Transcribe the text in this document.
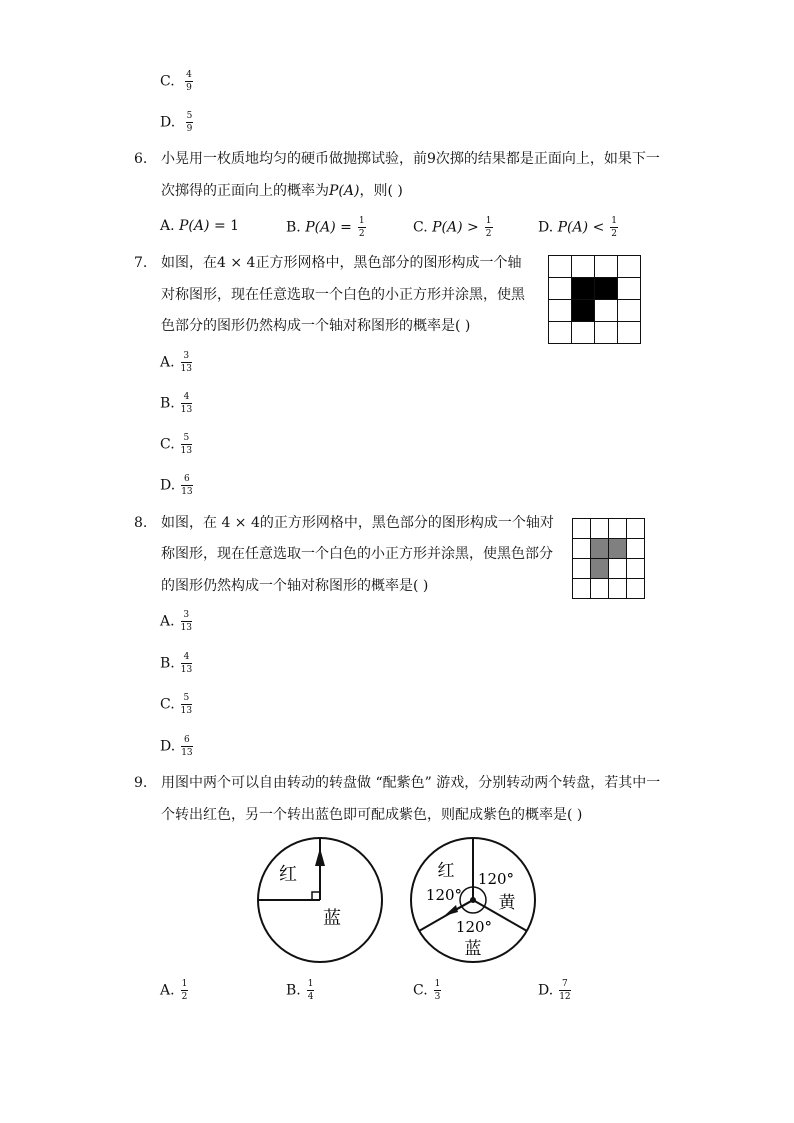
C. $\frac{4}{9}$
D. $\frac{5}{9}$
6. 小晃用一枚质地均匀的硬币做抛掷试验，前9次掷的结果都是正面向上，如果下一
次掷得的正面向上的概率为P(A)，则( )
A. P(A) = 1	B. $P(A) = \frac{1}{2}$	C. $P(A) > \frac{1}{2}$	D. $P(A) < \frac{1}{2}$
7. 如图，在4 × 4正方形网格中，黑色部分的图形构成一个轴
对称图形，现在任意选取一个白色的小正方形并涂黑，使黑
色部分的图形仍然构成一个轴对称图形的概率是( )

A. $\frac{3}{13}$
B. $\frac{4}{13}$
C. $\frac{5}{13}$
D. $\frac{6}{13}$
8. 如图，在 4 × 4的正方形网格中，黑色部分的图形构成一个轴对
称图形，现在任意选取一个白色的小正方形并涂黑，使黑色部分
的图形仍然构成一个轴对称图形的概率是( )

A. $\frac{3}{13}$
B. $\frac{4}{13}$
C. $\frac{5}{13}$
D. $\frac{6}{13}$
9. 用图中两个可以自由转动的转盘做 “配紫色” 游戏，分别转动两个转盘，若其中一
个转出红色，另一个转出蓝色即可配成紫色，则配成紫色的概率是( )
红
蓝
红
120°
120°
黄
120°
蓝
A. $\frac{1}{2}$	B. $\frac{1}{4}$	C. $\frac{1}{3}$	D. $\frac{7}{12}$
